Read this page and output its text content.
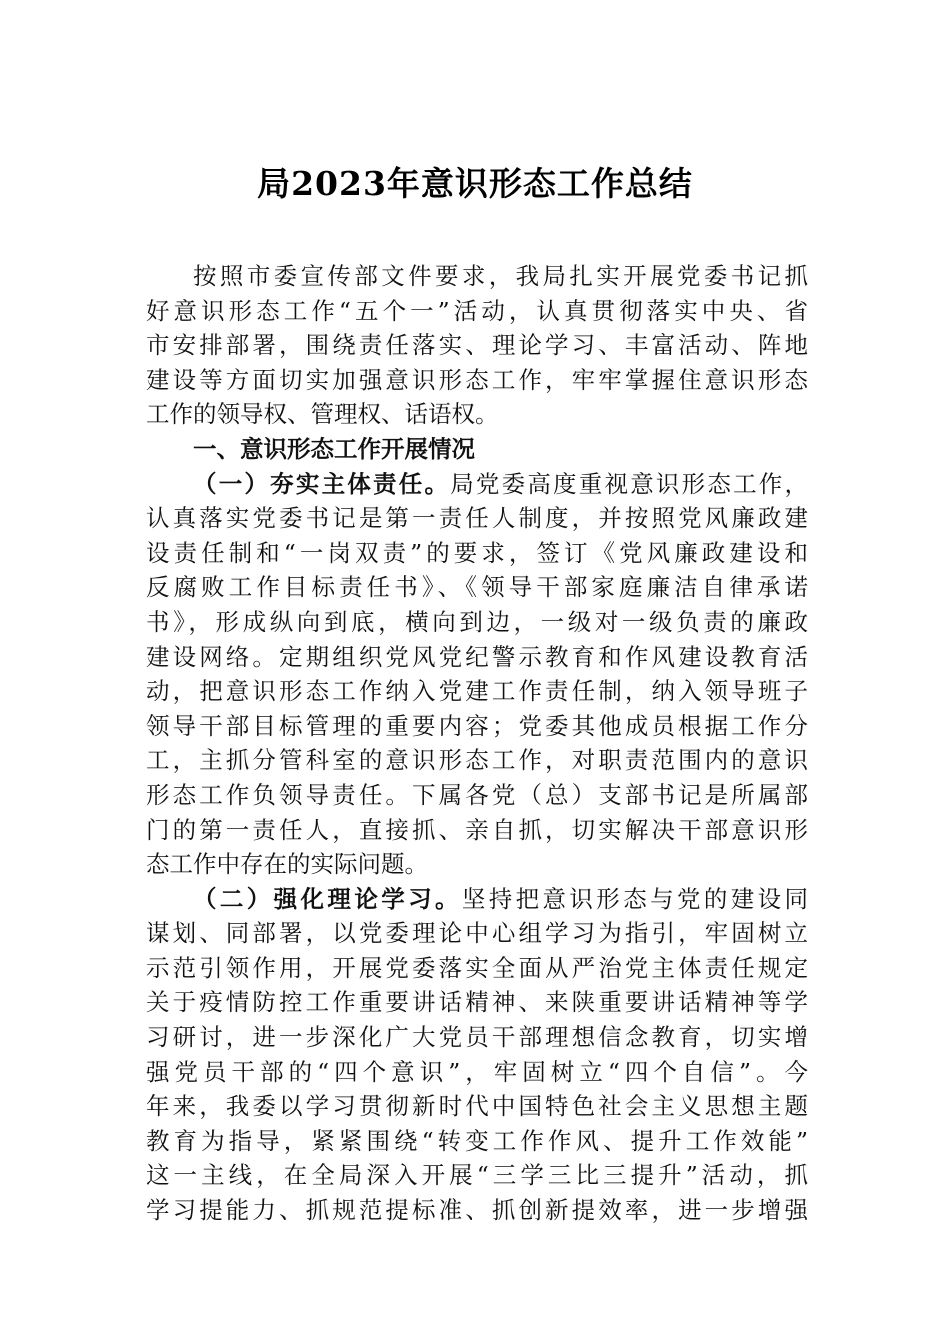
局2023年意识形态工作总结
按照市委宣传部文件要求，我局扎实开展党委书记抓
好意识形态工作“五个一”活动，认真贯彻落实中央、省
市安排部署，围绕责任落实、理论学习、丰富活动、阵地
建设等方面切实加强意识形态工作，牢牢掌握住意识形态
工作的领导权、管理权、话语权。
一、意识形态工作开展情况
（一）夯实主体责任。局党委高度重视意识形态工作，
认真落实党委书记是第一责任人制度，并按照党风廉政建
设责任制和“一岗双责”的要求，签订《党风廉政建设和
反腐败工作目标责任书》、《领导干部家庭廉洁自律承诺
书》，形成纵向到底，横向到边，一级对一级负责的廉政
建设网络。定期组织党风党纪警示教育和作风建设教育活
动，把意识形态工作纳入党建工作责任制，纳入领导班子
领导干部目标管理的重要内容；党委其他成员根据工作分
工，主抓分管科室的意识形态工作，对职责范围内的意识
形态工作负领导责任。下属各党（总）支部书记是所属部
门的第一责任人，直接抓、亲自抓，切实解决干部意识形
态工作中存在的实际问题。
（二）强化理论学习。坚持把意识形态与党的建设同
谋划、同部署，以党委理论中心组学习为指引，牢固树立
示范引领作用，开展党委落实全面从严治党主体责任规定
关于疫情防控工作重要讲话精神、来陕重要讲话精神等学
习研讨，进一步深化广大党员干部理想信念教育，切实增
强党员干部的“四个意识”，牢固树立“四个自信”。今
年来，我委以学习贯彻新时代中国特色社会主义思想主题
教育为指导，紧紧围绕“转变工作作风、提升工作效能”
这一主线，在全局深入开展“三学三比三提升”活动，抓
学习提能力、抓规范提标准、抓创新提效率，进一步增强
